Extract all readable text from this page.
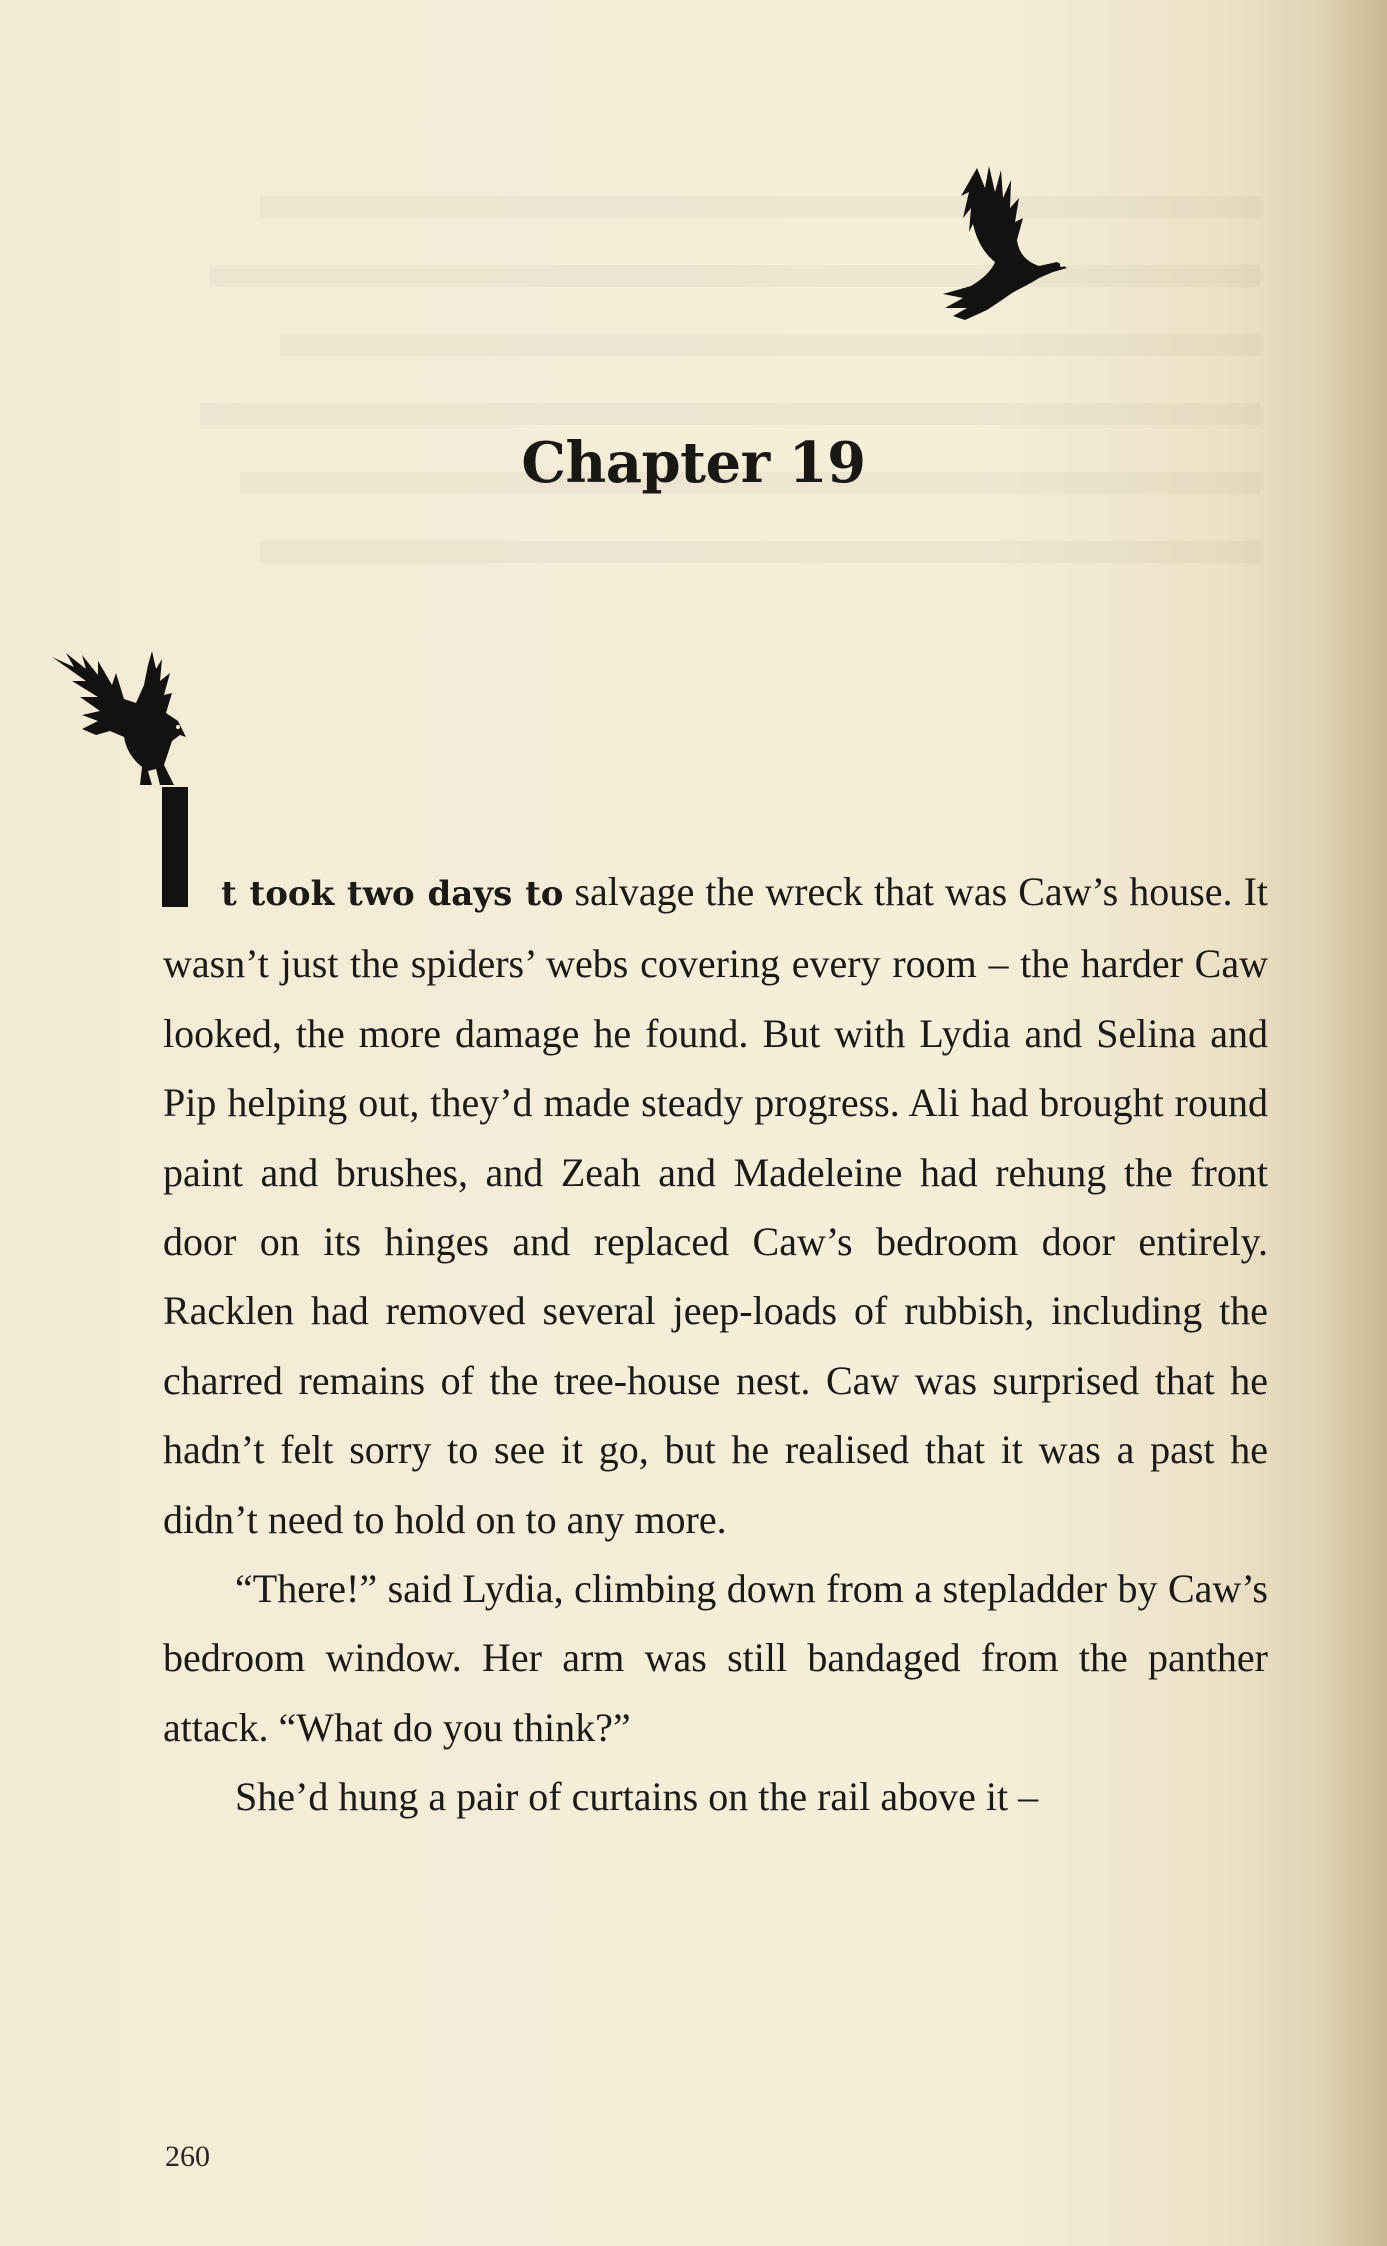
Chapter 19

t took two days to salvage the wreck that was Caw’s house. It wasn’t just the spiders’ webs covering every room – the harder Caw looked, the more damage he found. But with Lydia and Selina and Pip helping out, they’d made steady progress. Ali had brought round paint and brushes, and Zeah and Madeleine had rehung the front door on its hinges and replaced Caw’s bedroom door entirely. Racklen had removed several jeep-loads of rubbish, including the charred remains of the tree-house nest. Caw was surprised that he hadn’t felt sorry to see it go, but he realised that it was a past he didn’t need to hold on to any more.

“There!” said Lydia, climbing down from a stepladder by Caw’s bedroom window. Her arm was still bandaged from the panther attack. “What do you think?”

She’d hung a pair of curtains on the rail above it –

260
